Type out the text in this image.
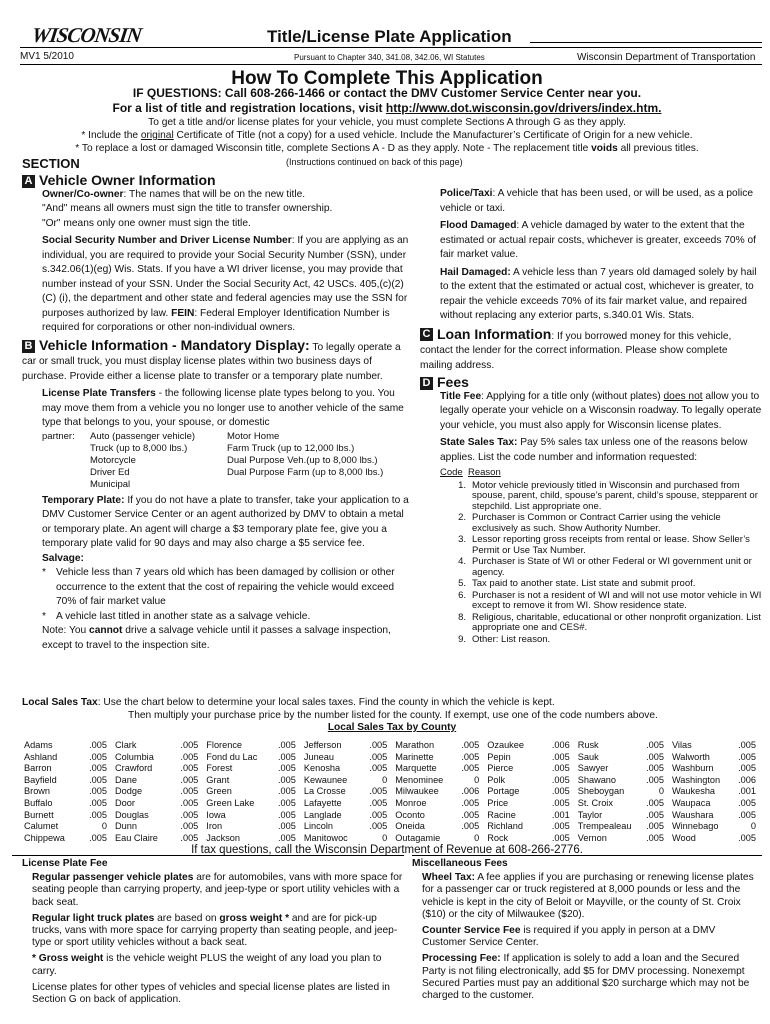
WISCONSIN	Title/License Plate Application
MV1 5/2010	Pursuant to Chapter 340, 341.08, 342.06, WI Statutes	Wisconsin Department of Transportation
How To Complete This Application
IF QUESTIONS: Call 608-266-1466 or contact the DMV Customer Service Center near you.
For a list of title and registration locations, visit http://www.dot.wisconsin.gov/drivers/index.htm.
To get a title and/or license plates for your vehicle, you must complete Sections A through G as they apply.
* Include the original Certificate of Title (not a copy) for a used vehicle. Include the Manufacturer’s Certificate of Origin for a new vehicle.
* To replace a lost or damaged Wisconsin title, complete Sections A - D as they apply. Note - The replacement title voids all previous titles.
SECTION	(Instructions continued on back of this page)
A Vehicle Owner Information
Owner/Co-owner: The names that will be on the new title.
"And" means all owners must sign the title to transfer ownership.
"Or" means only one owner must sign the title.
Social Security Number and Driver License Number: If you are applying as an individual, you are required to provide your Social Security Number (SSN), under s.342.06(1)(eg) Wis. Stats. If you have a WI driver license, you may provide that number instead of your SSN. Under the Social Security Act, 42 USCs. 405,(c)(2)(C) (i), the department and other state and federal agencies may use the SSN for purposes authorized by law. FEIN: Federal Employer Identification Number is required for corporations or other non-individual owners.
B Vehicle Information - Mandatory Display: To legally operate a car or small truck, you must display license plates within two business days of purchase. Provide either a license plate to transfer or a temporary plate number.
License Plate Transfers - the following license plate types belong to you. You may move them from a vehicle you no longer use to another vehicle of the same type that belongs to you, your spouse, or domestic
partner:	Auto (passenger vehicle)	Motor Home
Truck (up to 8,000 lbs.)	Farm Truck (up to 12,000 lbs.)
Motorcycle	Dual Purpose Veh.(up to 8,000 lbs.)
Driver Ed	Dual Purpose Farm (up to 8,000 lbs.)
Municipal
Temporary Plate: If you do not have a plate to transfer, take your application to a DMV Customer Service Center or an agent authorized by DMV to obtain a metal or temporary plate. An agent will charge a $3 temporary plate fee, give you a temporary plate valid for 90 days and may also charge a $5 service fee.
Salvage:
* Vehicle less than 7 years old which has been damaged by collision or other occurrence to the extent that the cost of repairing the vehicle would exceed 70% of fair market value
* A vehicle last titled in another state as a salvage vehicle.
Note: You cannot drive a salvage vehicle until it passes a salvage inspection, except to travel to the inspection site.

Police/Taxi: A vehicle that has been used, or will be used, as a police vehicle or taxi.

Flood Damaged: A vehicle damaged by water to the extent that the estimated or actual repair costs, whichever is greater, exceeds 70% of fair market value.

Hail Damaged: A vehicle less than 7 years old damaged solely by hail to the extent that the estimated or actual cost, whichever is greater, to repair the vehicle exceeds 70% of its fair market value, and repaired without replacing any exterior parts, s.340.01 Wis. Stats.

C Loan Information: If you borrowed money for this vehicle, contact the lender for the correct information. Please show complete mailing address.
D Fees

Title Fee: Applying for a title only (without plates) does not allow you to legally operate your vehicle on a Wisconsin roadway. To legally operate your vehicle, you must also apply for Wisconsin license plates.

State Sales Tax: Pay 5% sales tax unless one of the reasons below applies. List the code number and information requested:

Code Reason
1. Motor vehicle previously titled in Wisconsin and purchased from spouse, parent, child, spouse’s parent, child’s spouse, stepparent or stepchild. List appropriate one.
2. Purchaser is Common or Contract Carrier using the vehicle exclusively as such. Show Authority Number.
3. Lessor reporting gross receipts from rental or lease. Show Seller’s Permit or Use Tax Number.
4. Purchaser is State of WI or other Federal or WI government unit or agency.
5. Tax paid to another state. List state and submit proof.
6. Purchaser is not a resident of WI and will not use motor vehicle in WI except to remove it from WI. Show residence state.
8. Religious, charitable, educational or other nonprofit organization. List appropriate one and CES#.
9. Other: List reason.
Local Sales Tax: Use the chart below to determine your local sales taxes. Find the county in which the vehicle is kept.
Then multiply your purchase price by the number listed for the county. If exempt, use one of the code numbers above.
Local Sales Tax by County
Adams	.005	Clark	.005	Florence	.005	Jefferson	.005	Marathon	.005	Ozaukee	.006	Rusk	.005	Vilas	.005
Ashland	.005	Columbia	.005	Fond du Lac	.005	Juneau	.005	Marinette	.005	Pepin	.005	Sauk	.005	Walworth	.005
Barron	.005	Crawford	.005	Forest	.005	Kenosha	.005	Marquette	.005	Pierce	.005	Sawyer	.005	Washburn	.005
Bayfield	.005	Dane	.005	Grant	.005	Kewaunee	0	Menominee	0	Polk	.005	Shawano	.005	Washington	.006
Brown	.005	Dodge	.005	Green	.005	La Crosse	.005	Milwaukee	.006	Portage	.005	Sheboygan	0	Waukesha	.001
Buffalo	.005	Door	.005	Green Lake	.005	Lafayette	.005	Monroe	.005	Price	.005	St. Croix	.005	Waupaca	.005
Burnett	.005	Douglas	.005	Iowa	.005	Langlade	.005	Oconto	.005	Racine	.001	Taylor	.005	Waushara	.005
Calumet	0	Dunn	.005	Iron	.005	Lincoln	.005	Oneida	.005	Richland	.005	Trempealeau	.005	Winnebago	0
Chippewa	.005	Eau Claire	.005	Jackson	.005	Manitowoc	0	Outagamie	0	Rock	.005	Vernon	.005	Wood	.005
If tax questions, call the Wisconsin Department of Revenue at 608-266-2776.
License Plate Fee

Regular passenger vehicle plates are for automobiles, vans with more space for seating people than carrying property, and jeep-type or sport utility vehicles with a back seat.

Regular light truck plates are based on gross weight * and are for pick-up trucks, vans with more space for carrying property than seating people, and jeep-type or sport utility vehicles without a back seat.

* Gross weight is the vehicle weight PLUS the weight of any load you plan to carry.

License plates for other types of vehicles and special license plates are listed in Section G on back of application.

Miscellaneous Fees

Wheel Tax: A fee applies if you are purchasing or renewing license plates for a passenger car or truck registered at 8,000 pounds or less and the vehicle is kept in the city of Beloit or Mayville, or the county of St. Croix ($10) or the city of Milwaukee ($20).

Counter Service Fee is required if you apply in person at a DMV Customer Service Center.

Processing Fee: If application is solely to add a loan and the Secured Party is not filing electronically, add $5 for DMV processing. Nonexempt Secured Parties must pay an additional $20 surcharge which may not be charged to the customer.
